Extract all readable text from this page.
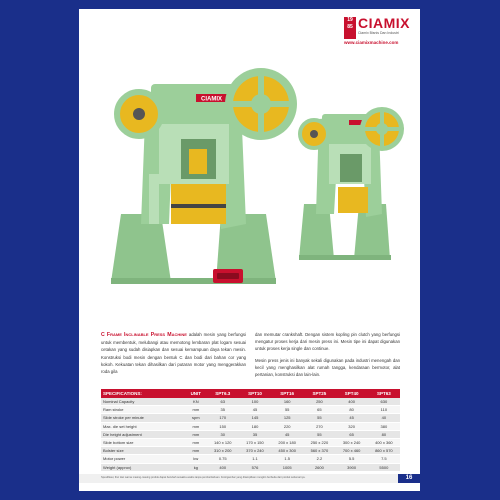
19 85 CIAMIX
Ciamix Bisnis Dan Industri
www.ciamixmachine.com
CIAMIX
C Frame Inclinable Press Machine adalah mesin yang berfungsi untuk membentuk, melubangi atau memotong lembaran plat logam sesuai cetakan yang sudah disiapkan dan sesuai kemampuan daya tekan mesin. Konstruksi bodi mesin dengan bentuk C dan bodi dari bahan cor yang kokoh. Kekuatan tekan dihasilkan dari putaran motor yang menggerakkan roda gila
dan memutar crankshaft. Dengan sistem kopling pin clutch yang berfungsi mengatur proses kerja dari mesin press ini. Mesin tipe ini dapat digunakan untuk proses kerja single dan continue.
Mesin press jenis ini banyak sekali digunakan pada industri menengah dan kecil yang menghasilkan alat rumah tangga, kendaraan bermotor, alat pertanian, konstruksi dan lain-lain.
SPECIFICATIONS:	UNIT	SPT6.3	SPT10	SPT16	SPT25	SPT40	SPT63
Nominal Capacity	KN	63	100	160	250	400	630
Ram stroke	mm	35	45	55	65	80	110
Slide stroke per minute	spm	170	145	125	55	45	40
Max. die set height	mm	150	180	220	270	320	380
Die height adjustment	mm	30	35	45	55	65	80
Slide bottom size	mm	140 x 120	170 x 150	200 x 180	250 x 220	300 x 240	400 x 360
Bolster size	mm	310 x 200	370 x 240	450 x 300	560 x 370	700 x 460	860 x 570
Motor power	kw	0.75	1.1	1.5	2.2	5.5	7.5
Weight (approx)	kg	400	576	1005	2600	3900	5500
Spesifikasi, fitur dan warna masing-masing produk dapat berubah sewaktu-waktu tanpa pemberitahuan. Foto/gambar yang ditampilkan mungkin berbeda dari produk sebenarnya.	16
